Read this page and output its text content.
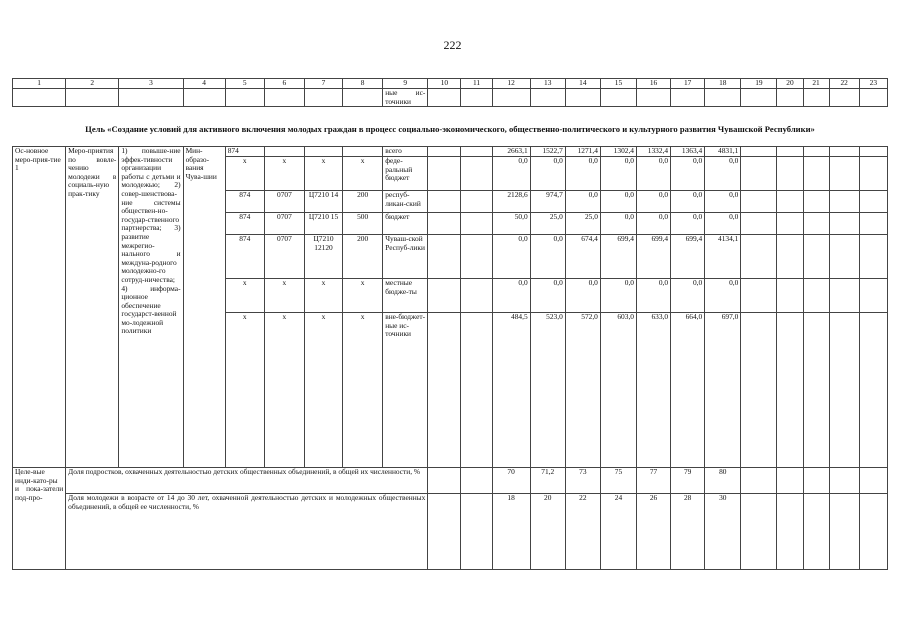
222
1	2	3	4	5	6	7	8	9	10	11	12	13	14	15	16	17	18	19	20	21	22	23
								ные ис-точники														
Цель «Создание условий для активного включения молодых граждан в процесс социально-экономического, общественно-политического и культурного развития Чувашской Республики»
Ос-новное меро-прия-тие 1	Меро-приятия по вовле-чению молодежи в социаль-ную прак-тику	1) повыше-ние эффек-тивности организации работы с детьми и молодежью; 2) совер-шенствова-ние системы обществен-но-государ-ственного партнерства; 3) развитие межрегио-нального и междуна-родного молодежно-го сотруд-ничества; 4) информа-ционное обеспечение государст-венной мо-лодежной политики	Мин-образо-вания Чува-шии	874				всего			2663,1	1522,7	1271,4	1302,4	1332,4	1363,4	4831,1					
				x	x	x	x	феде-ральный бюджет			0,0	0,0	0,0	0,0	0,0	0,0	0,0					
				874	0707	Ц7210 14	200	респуб-ликан-ский			2128,6	974,7	0,0	0,0	0,0	0,0	0,0					
				874	0707	Ц7210 15	500	бюджет			50,0	25,0	25,0	0,0	0,0	0,0	0,0					
				874	0707	Ц7210 12120	200	Чуваш-ской Респуб-лики			0,0	0,0	674,4	699,4	699,4	699,4	4134,1					
				x	x	x	x	местные бюдже-ты			0,0	0,0	0,0	0,0	0,0	0,0	0,0					
				x	x	x	x	вне-бюджет-ные ис-точники			484,5	523,0	572,0	603,0	633,0	664,0	697,0					
Целе-вые инди-като-ры и пока-затели под-про-	Доля подростков, охваченных деятельностью детских общественных объединений, в общей их численности, %										70	71,2	73	75	77	79	80					
	Доля молодежи в возрасте от 14 до 30 лет, охваченной деятельностью детских и молодежных общественных объединений, в общей ее численности, %										18	20	22	24	26	28	30					
